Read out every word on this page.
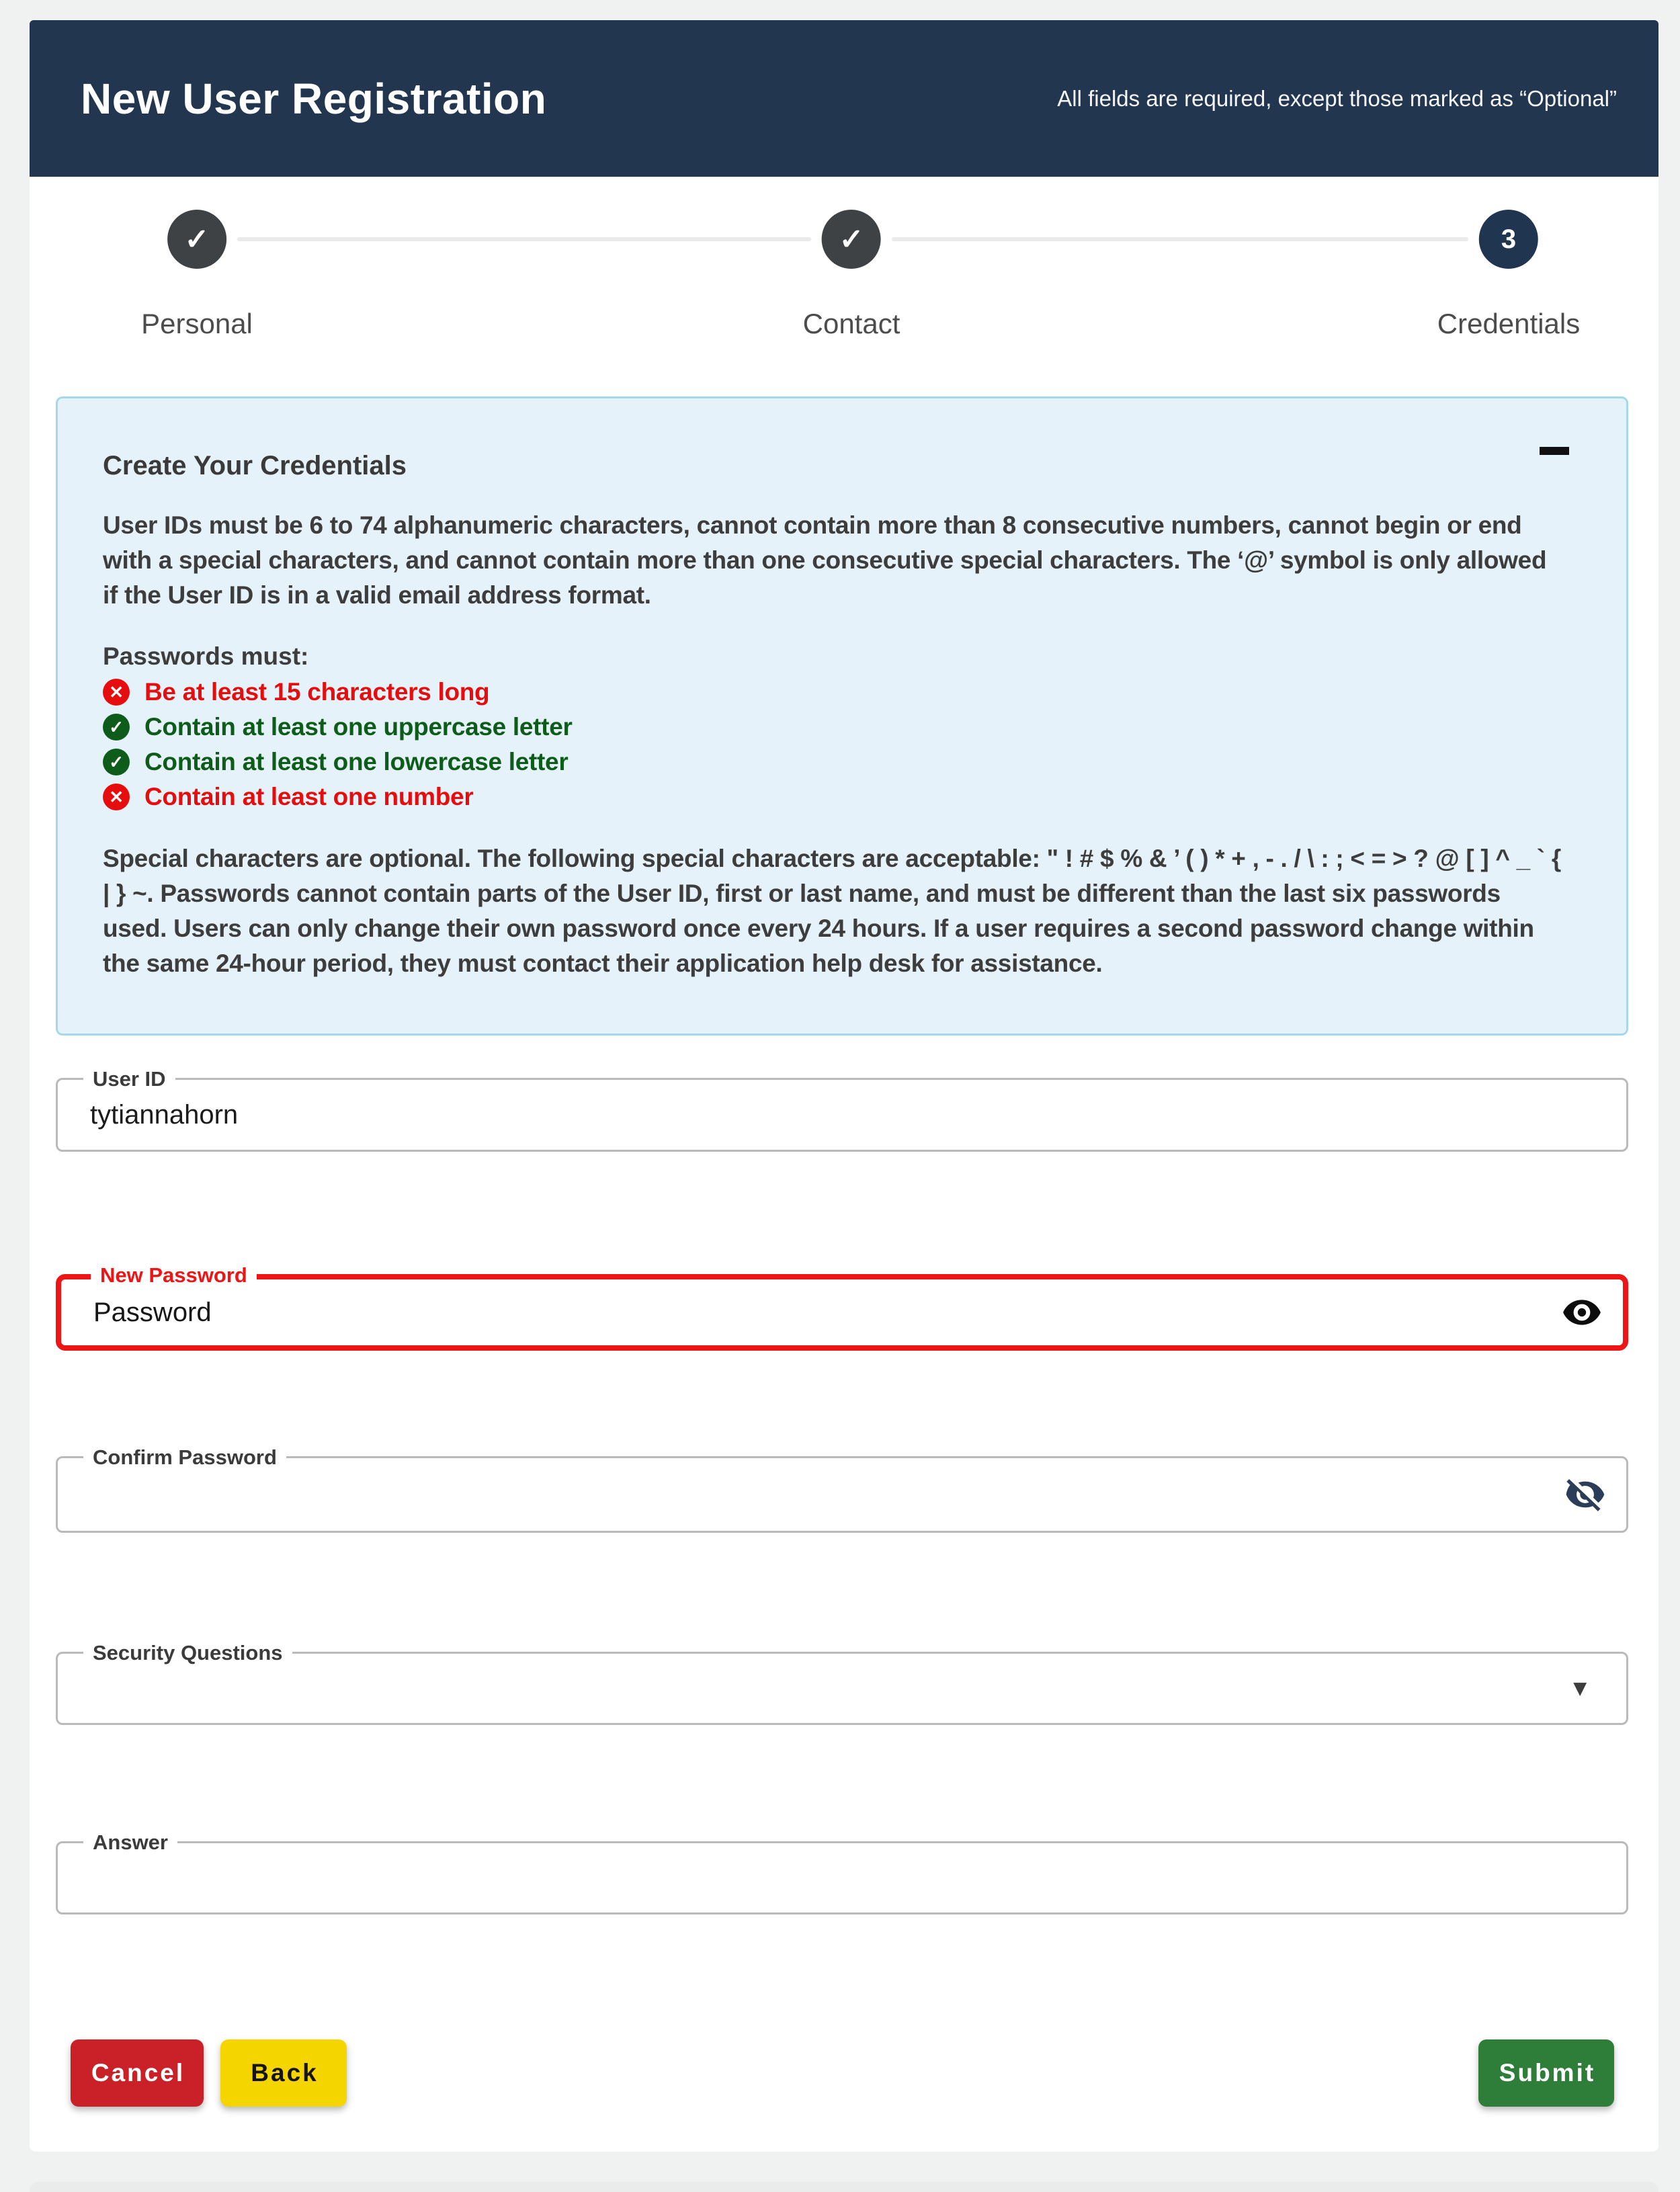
New User Registration	All fields are required, except those marked as “Optional”
✓
Personal
✓
Contact
3
Credentials
Create Your Credentials

User IDs must be 6 to 74 alphanumeric characters, cannot contain more than 8 consecutive numbers, cannot begin or end with a special characters, and cannot contain more than one consecutive special characters. The ‘@’ symbol is only allowed if the User ID is in a valid email address format.

Passwords must:
✕ Be at least 15 characters long
✓ Contain at least one uppercase letter
✓ Contain at least one lowercase letter
✕ Contain at least one number

Special characters are optional. The following special characters are acceptable: " ! # $ % & ’ ( ) * + , - . / \ : ; < = > ? @ [ ] ^ _ ` { | } ~. Passwords cannot contain parts of the User ID, first or last name, and must be different than the last six passwords used. Users can only change their own password once every 24 hours. If a user requires a second password change within the same 24-hour period, they must contact their application help desk for assistance.

User ID
tytiannahorn
New Password
Password
Confirm Password
Security Questions
▼
Answer
Cancel	Back	Submit
